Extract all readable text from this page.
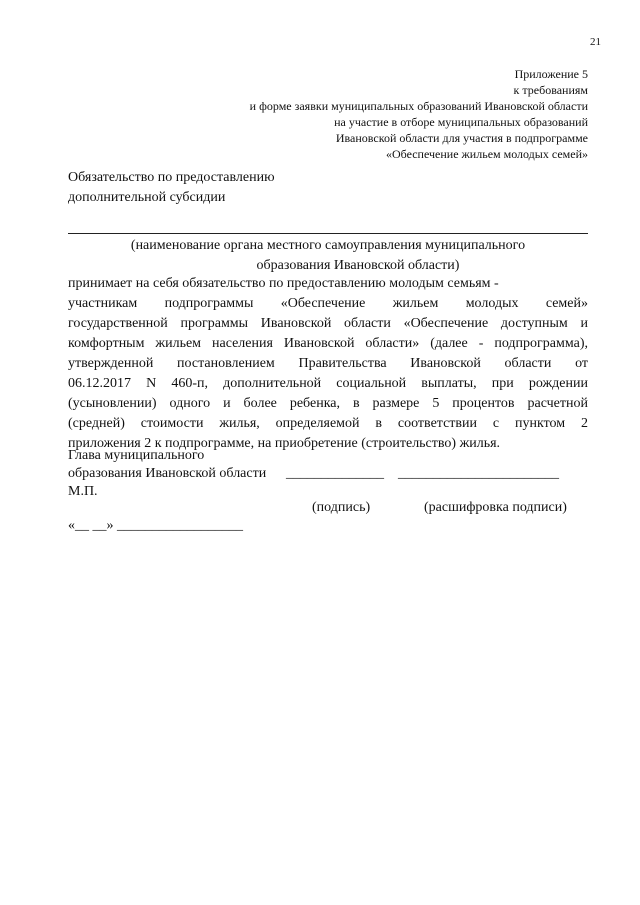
21
Приложение 5
к требованиям
и форме заявки муниципальных образований Ивановской области
на участие в отборе муниципальных образований
Ивановской области для участия в подпрограмме
«Обеспечение жильем молодых семей»
Обязательство по предоставлению
дополнительной субсидии
(наименование органа местного самоуправления муниципального
образования Ивановской области)
принимает на себя обязательство по предоставлению молодым семьям -
участникам подпрограммы «Обеспечение жильем молодых семей»
государственной программы Ивановской области «Обеспечение доступным и
комфортным жильем населения Ивановской области» (далее - подпрограмма),
утвержденной постановлением Правительства Ивановской области от
06.12.2017 N 460-п, дополнительной социальной выплаты, при рождении
(усыновлении) одного и более ребенка, в размере 5 процентов расчетной
(средней) стоимости жилья, определяемой в соответствии с пунктом 2
приложения 2 к подпрограмме, на приобретение (строительство) жилья.
Глава муниципального
образования Ивановской области ______________ _______________________
М.П.
(подпись)	(расшифровка подписи)
«__ __» __________________
